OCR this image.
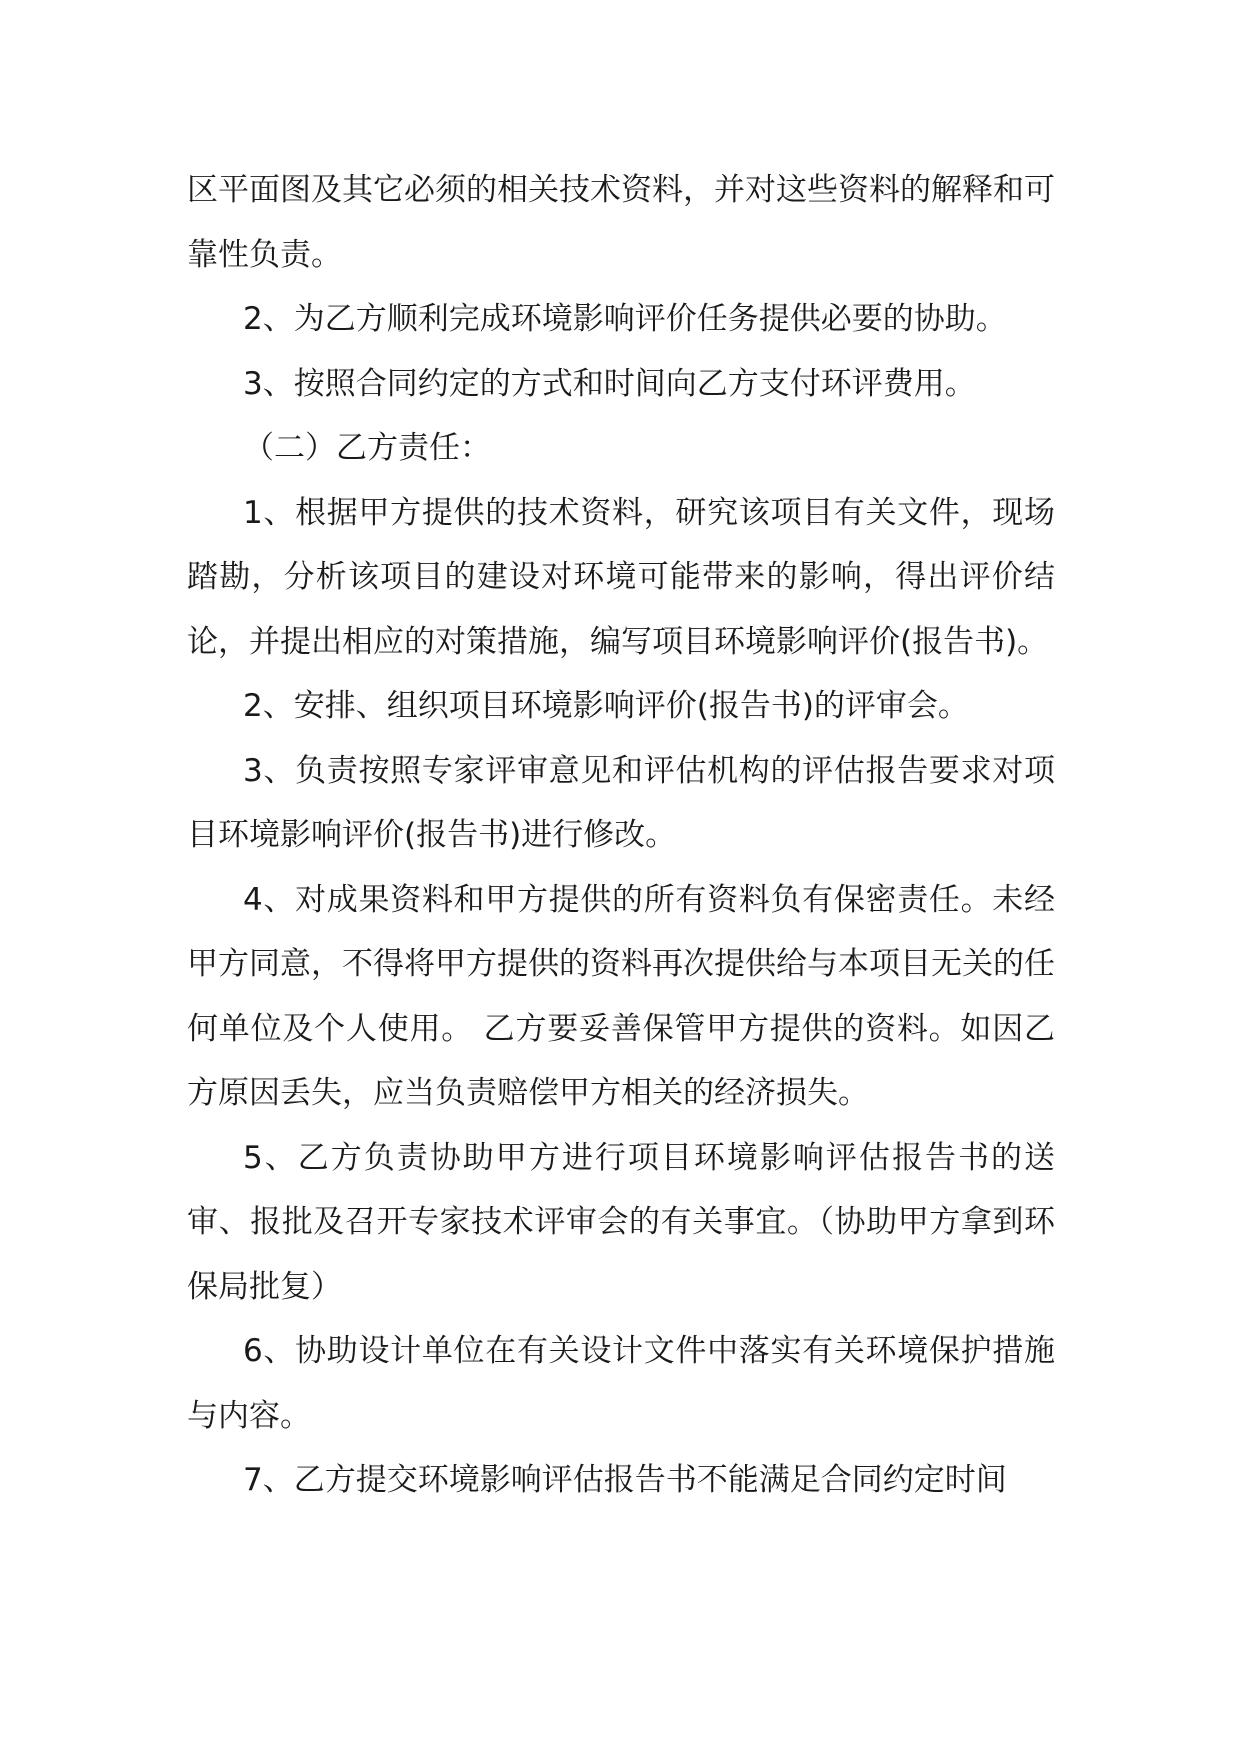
区平面图及其它必须的相关技术资料，并对这些资料的解释和可靠性负责。

2、为乙方顺利完成环境影响评价任务提供必要的协助。

3、按照合同约定的方式和时间向乙方支付环评费用。

（二）乙方责任：

1、根据甲方提供的技术资料，研究该项目有关文件，现场踏勘，分析该项目的建设对环境可能带来的影响，得出评价结论，并提出相应的对策措施，编写项目环境影响评价(报告书)。

2、安排、组织项目环境影响评价(报告书)的评审会。

3、负责按照专家评审意见和评估机构的评估报告要求对项目环境影响评价(报告书)进行修改。

4、对成果资料和甲方提供的所有资料负有保密责任。未经甲方同意，不得将甲方提供的资料再次提供给与本项目无关的任何单位及个人使用。 乙方要妥善保管甲方提供的资料。如因乙方原因丢失，应当负责赔偿甲方相关的经济损失。

5、乙方负责协助甲方进行项目环境影响评估报告书的送审、报批及召开专家技术评审会的有关事宜。（协助甲方拿到环保局批复）

6、协助设计单位在有关设计文件中落实有关环境保护措施与内容。

7、乙方提交环境影响评估报告书不能满足合同约定时间
